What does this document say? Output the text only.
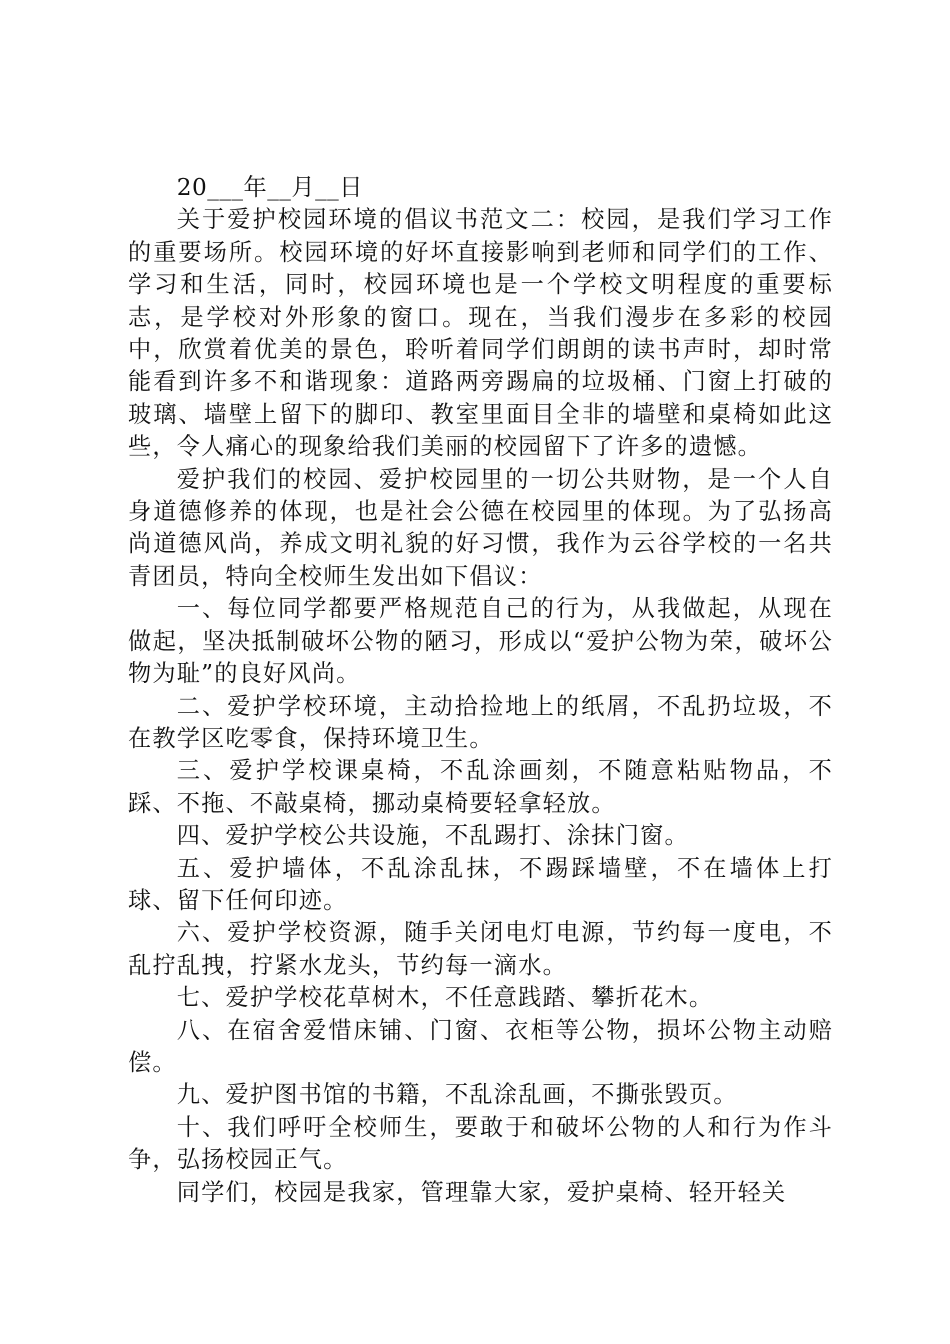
20___年__月__日

关于爱护校园环境的倡议书范文二：校园，是我们学习工作的重要场所。校园环境的好坏直接影响到老师和同学们的工作、学习和生活，同时，校园环境也是一个学校文明程度的重要标志，是学校对外形象的窗口。现在，当我们漫步在多彩的校园中，欣赏着优美的景色，聆听着同学们朗朗的读书声时，却时常能看到许多不和谐现象：道路两旁踢扁的垃圾桶、门窗上打破的玻璃、墙壁上留下的脚印、教室里面目全非的墙壁和桌椅如此这些，令人痛心的现象给我们美丽的校园留下了许多的遗憾。

爱护我们的校园、爱护校园里的一切公共财物，是一个人自身道德修养的体现，也是社会公德在校园里的体现。为了弘扬高尚道德风尚，养成文明礼貌的好习惯，我作为云谷学校的一名共青团员，特向全校师生发出如下倡议：

一、每位同学都要严格规范自己的行为，从我做起，从现在做起，坚决抵制破坏公物的陋习，形成以“爱护公物为荣，破坏公物为耻”的良好风尚。

二、爱护学校环境，主动拾捡地上的纸屑，不乱扔垃圾，不在教学区吃零食，保持环境卫生。

三、爱护学校课桌椅，不乱涂画刻，不随意粘贴物品，不踩、不拖、不敲桌椅，挪动桌椅要轻拿轻放。

四、爱护学校公共设施，不乱踢打、涂抹门窗。

五、爱护墙体，不乱涂乱抹，不踢踩墙壁，不在墙体上打球、留下任何印迹。

六、爱护学校资源，随手关闭电灯电源，节约每一度电，不乱拧乱拽，拧紧水龙头，节约每一滴水。

七、爱护学校花草树木，不任意践踏、攀折花木。

八、在宿舍爱惜床铺、门窗、衣柜等公物，损坏公物主动赔偿。

九、爱护图书馆的书籍，不乱涂乱画，不撕张毁页。

十、我们呼吁全校师生，要敢于和破坏公物的人和行为作斗争，弘扬校园正气。

同学们，校园是我家，管理靠大家，爱护桌椅、轻开轻关
